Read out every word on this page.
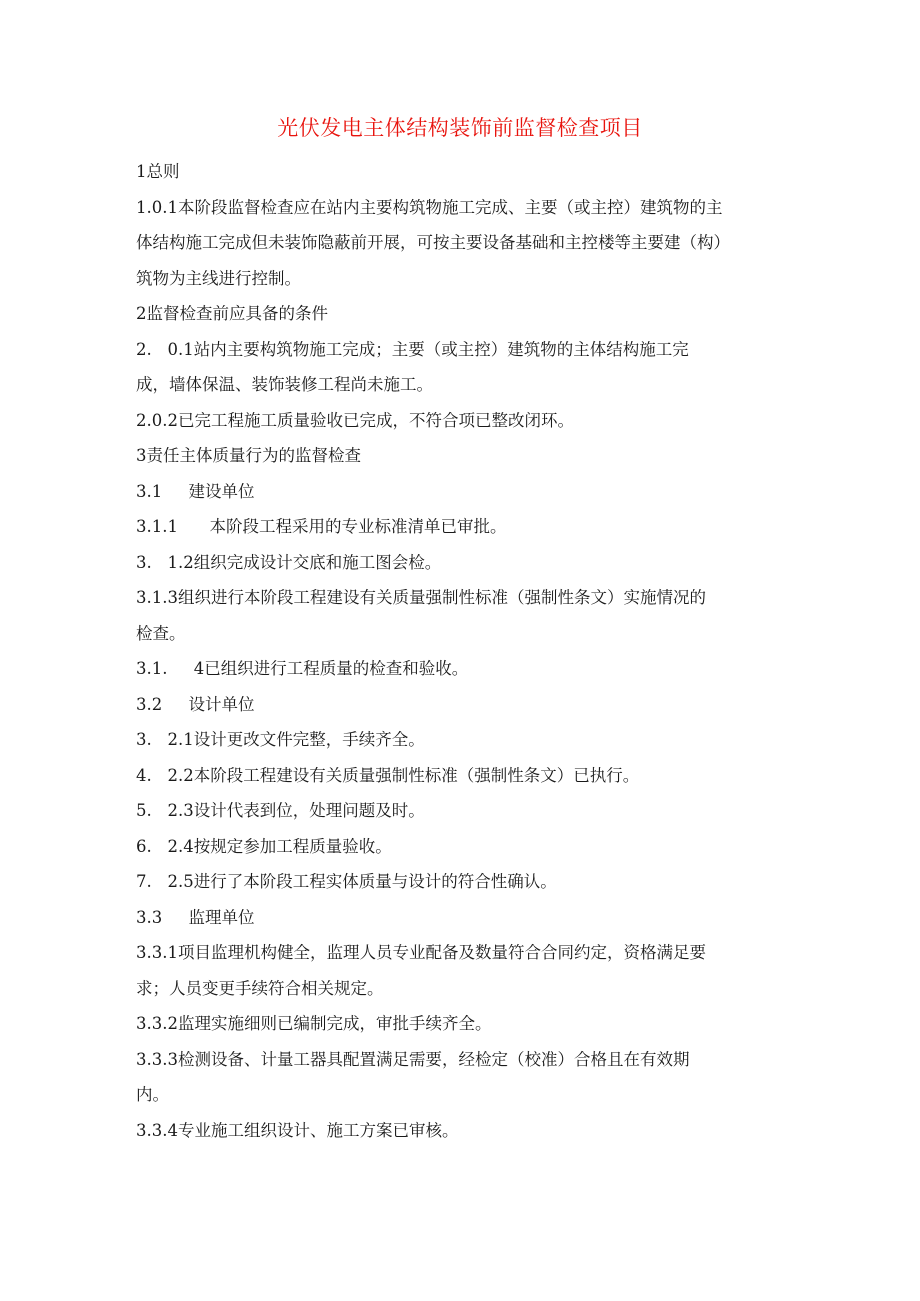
光伏发电主体结构装饰前监督检查项目

1总则

1.0.1本阶段监督检查应在站内主要构筑物施工完成、主要（或主控）建筑物的主

体结构施工完成但未装饰隐蔽前开展，可按主要设备基础和主控楼等主要建（构）

筑物为主线进行控制。

2监督检查前应具备的条件

2.   0.1站内主要构筑物施工完成；主要（或主控）建筑物的主体结构施工完

成，墙体保温、装饰装修工程尚未施工。

2.0.2已完工程施工质量验收已完成，不符合项已整改闭环。

3责任主体质量行为的监督检查

3.1     建设单位

3.1.1      本阶段工程采用的专业标准清单已审批。

3.   1.2组织完成设计交底和施工图会检。

3.1.3组织进行本阶段工程建设有关质量强制性标准（强制性条文）实施情况的

检查。

3.1.     4已组织进行工程质量的检查和验收。

3.2     设计单位

3.   2.1设计更改文件完整，手续齐全。

4.   2.2本阶段工程建设有关质量强制性标准（强制性条文）已执行。

5.   2.3设计代表到位，处理问题及时。

6.   2.4按规定参加工程质量验收。

7.   2.5进行了本阶段工程实体质量与设计的符合性确认。

3.3     监理单位

3.3.1项目监理机构健全，监理人员专业配备及数量符合合同约定，资格满足要

求；人员变更手续符合相关规定。

3.3.2监理实施细则已编制完成，审批手续齐全。

3.3.3检测设备、计量工器具配置满足需要，经检定（校准）合格且在有效期

内。

3.3.4专业施工组织设计、施工方案已审核。
